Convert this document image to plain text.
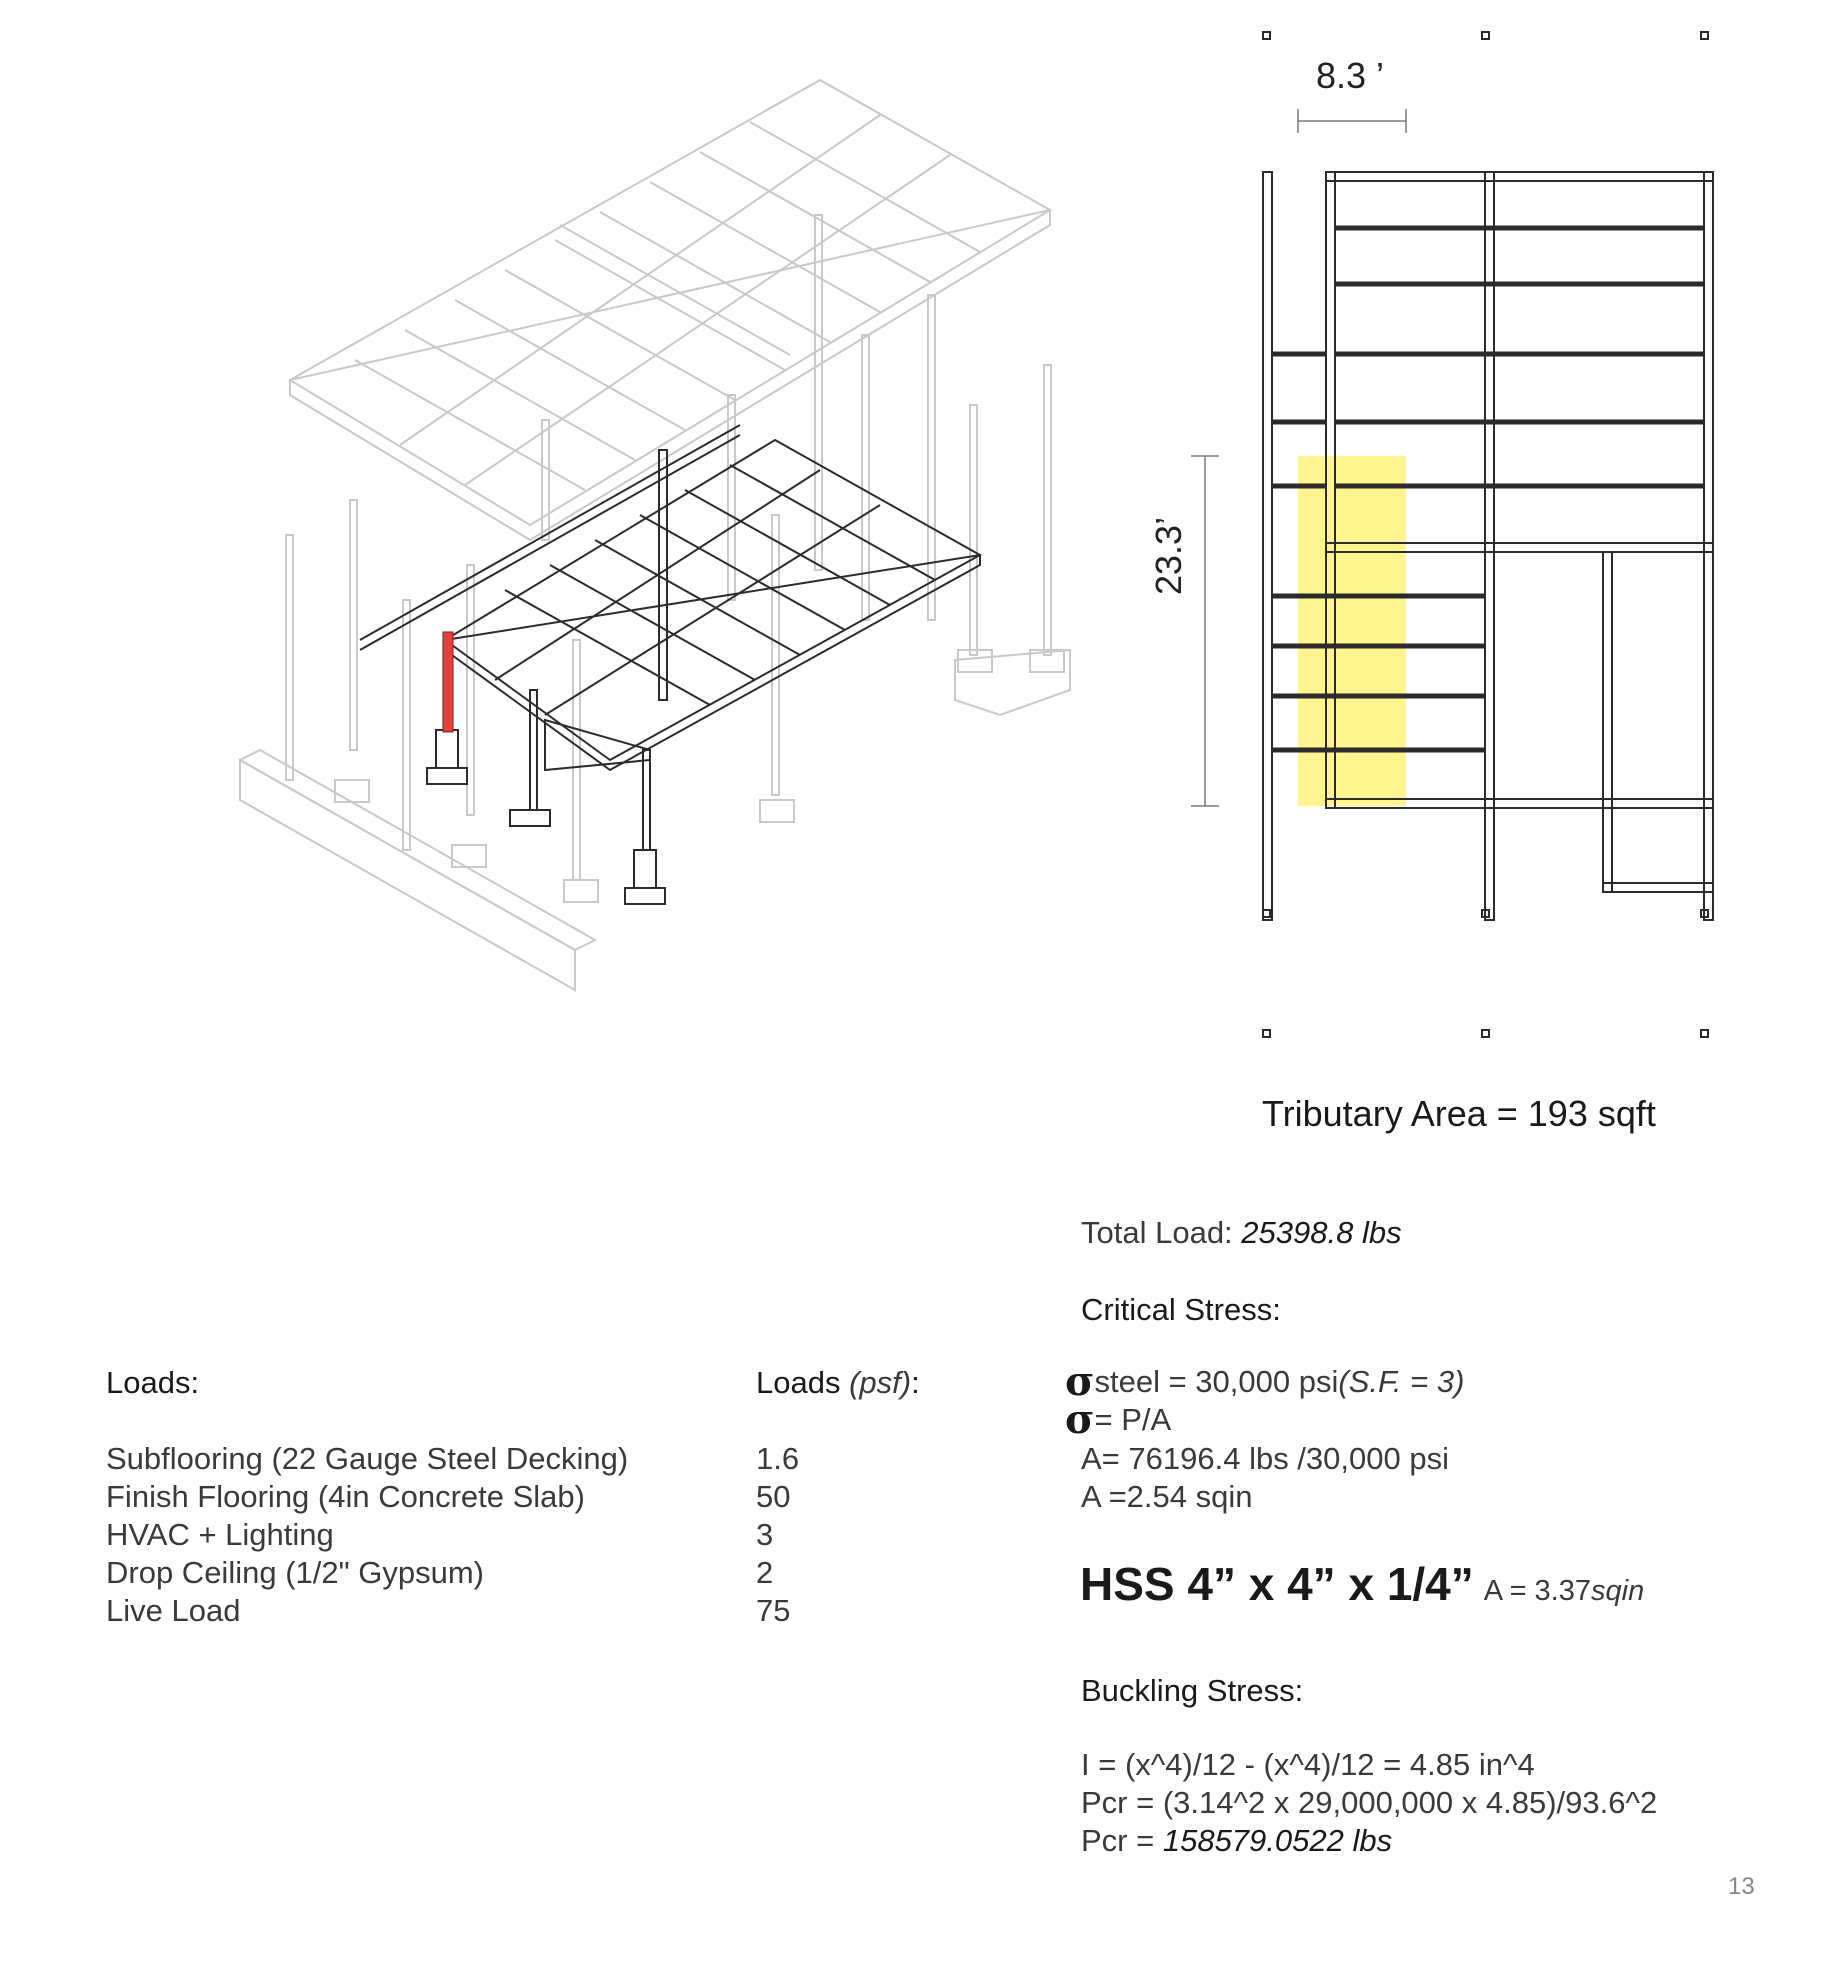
8.3 ’
23.3’
Tributary Area = 193 sqft
Loads:	Loads (psf):
Subflooring (22 Gauge Steel Decking)	1.6
Finish Flooring (4in Concrete Slab)	50
HVAC + Lighting	3
Drop Ceiling (1/2" Gypsum)	2
Live Load	75
Total Load: 25398.8 lbs
Critical Stress:
σ steel = 30,000 psi (S.F. = 3)
σ = P/A
A= 76196.4 lbs /30,000 psi
A =2.54 sqin
HSS 4” x 4” x 1/4” A = 3.37 sqin
Buckling Stress:
I = (x^4)/12 - (x^4)/12 = 4.85 in^4
Pcr = (3.14^2 x 29,000,000 x 4.85)/93.6^2
Pcr = 158579.0522 lbs
13
